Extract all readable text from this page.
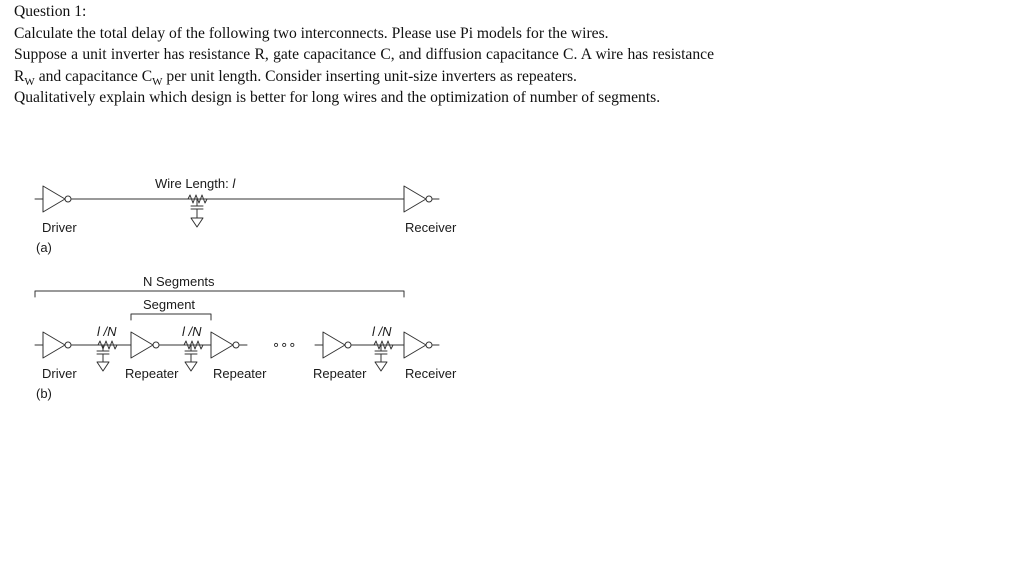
Question 1:

Calculate the total delay of the following two interconnects. Please use Pi models for the wires.

Suppose a unit inverter has resistance R, gate capacitance C, and diffusion capacitance C. A wire has resistance $R_W$ and capacitance $C_W$ per unit length. Consider inserting unit-size inverters as repeaters.

Qualitatively explain which design is better for long wires and the optimization of number of segments.

Wire Length: l
Driver	Receiver
(a)
N Segments
Segment
l /N	l /N	l /N
∘∘∘
Driver	Repeater	Repeater	Repeater	Receiver
(b)
